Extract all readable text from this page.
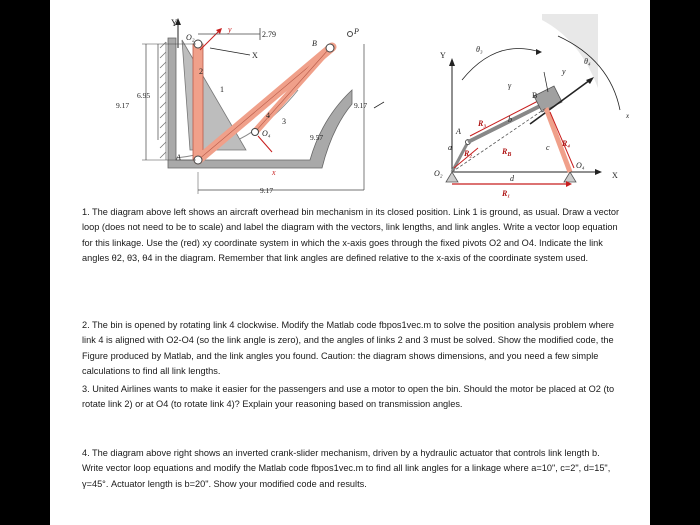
Y
y
x
2.79
O₂
B
P
X
2
1
4
3
O₄
A
6.95
9.17	9.17
9.57
9.17
Y
X
O₂
O₄
R₁
d
a
R₂
A
R₃	b
B
R₄
c
$R_B$
θ₃
θ₄
y
γ
x

1. The diagram above left shows an aircraft overhead bin mechanism in its closed position. Link 1 is ground, as usual. Draw a vector loop (does not need to be to scale) and label the diagram with the vectors, link lengths, and link angles. Write a vector loop equation for this linkage. Use the (red) xy coordinate system in which the x-axis goes through the fixed pivots O2 and O4. Indicate the link angles θ2, θ3, θ4 in the diagram. Remember that link angles are defined relative to the x-axis of the coordinate system used.

2. The bin is opened by rotating link 4 clockwise. Modify the Matlab code fbpos1vec.m to solve the position analysis problem where link 4 is aligned with O2-O4 (so the link angle is zero), and the angles of links 2 and 3 must be solved. Show the modified code, the Figure produced by Matlab, and the link angles you found. Caution: the diagram shows dimensions, and you need a few simple calculations to find all link lengths.

3. United Airlines wants to make it easier for the passengers and use a motor to open the bin. Should the motor be placed at O2 (to rotate link 2) or at O4 (to rotate link 4)? Explain your reasoning based on transmission angles.

4. The diagram above right shows an inverted crank-slider mechanism, driven by a hydraulic actuator that controls link length b. Write vector loop equations and modify the Matlab code fbpos1vec.m to find all link angles for a linkage where a=10", c=2", d=15", γ=45°. Actuator length is b=20". Show your modified code and results.
